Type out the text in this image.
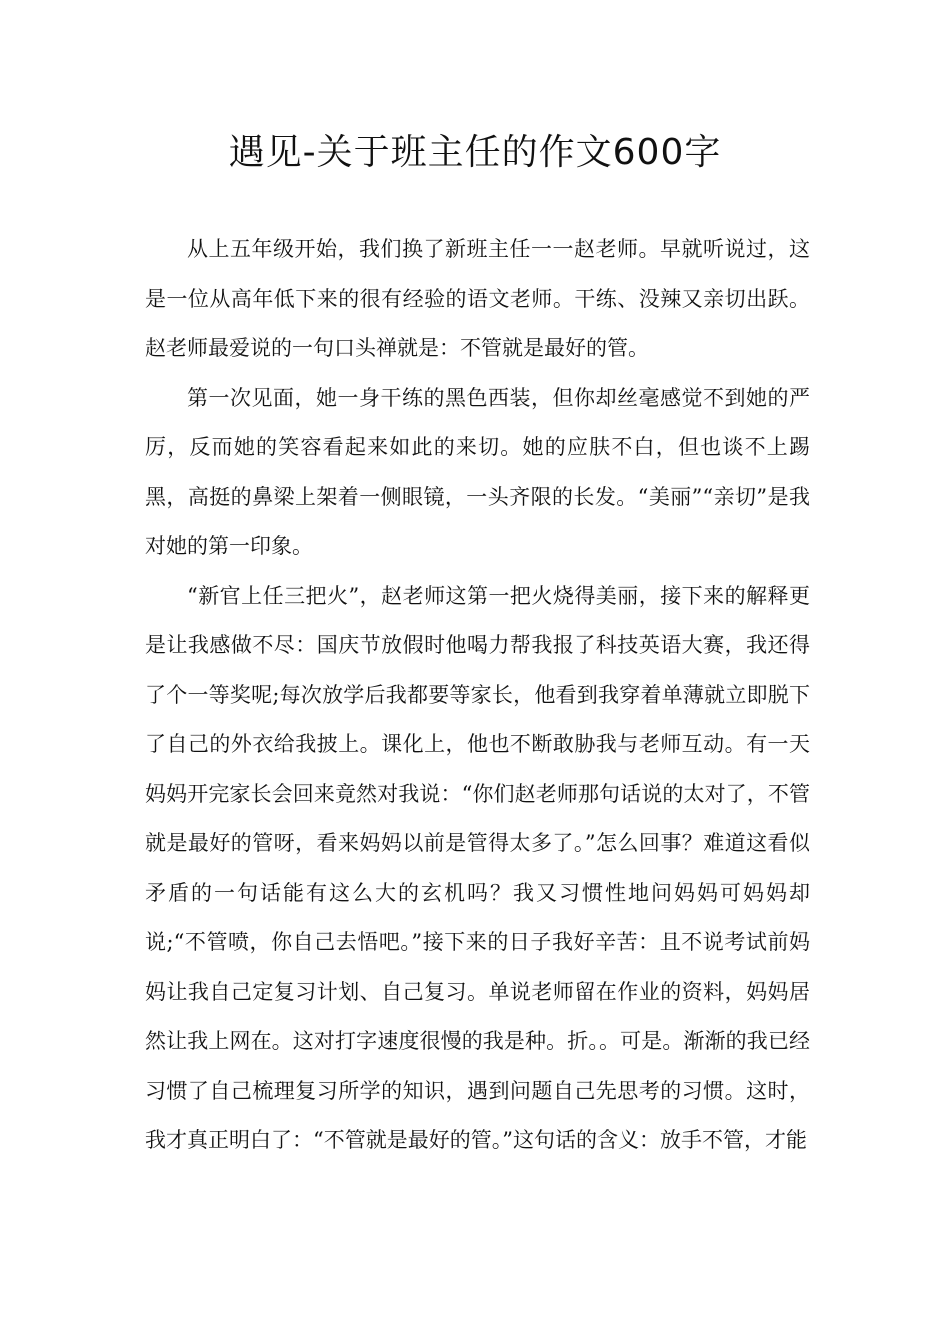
遇见-关于班主任的作文600字

从上五年级开始，我们换了新班主任一一赵老师。早就听说过，这是一位从高年低下来的很有经验的语文老师。干练、没辣又亲切出跃。赵老师最爱说的一句口头禅就是：不管就是最好的管。

第一次见面，她一身干练的黑色西装，但你却丝毫感觉不到她的严厉，反而她的笑容看起来如此的来切。她的应肤不白，但也谈不上踢黑，高挺的鼻梁上架着一侧眼镜，一头齐限的长发。“美丽”“亲切”是我对她的第一印象。

“新官上任三把火”，赵老师这第一把火烧得美丽，接下来的解释更是让我感做不尽：国庆节放假时他喝力帮我报了科技英语大赛，我还得了个一等奖呢;每次放学后我都要等家长，他看到我穿着单薄就立即脱下了自己的外衣给我披上。课化上，他也不断敢胁我与老师互动。有一天妈妈开完家长会回来竟然对我说：“你们赵老师那句话说的太对了，不管就是最好的管呀，看来妈妈以前是管得太多了。”怎么回事？难道这看似矛盾的一句话能有这么大的玄机吗？我又习惯性地问妈妈可妈妈却说;“不管喷，你自己去悟吧。”接下来的日子我好辛苦：且不说考试前妈妈让我自己定复习计划、自己复习。单说老师留在作业的资料，妈妈居然让我上网在。这对打字速度很慢的我是种。折。。可是。渐渐的我已经习惯了自己梳理复习所学的知识，遇到问题自己先思考的习惯。这时，我才真正明白了：“不管就是最好的管。”这句话的含义：放手不管，才能
